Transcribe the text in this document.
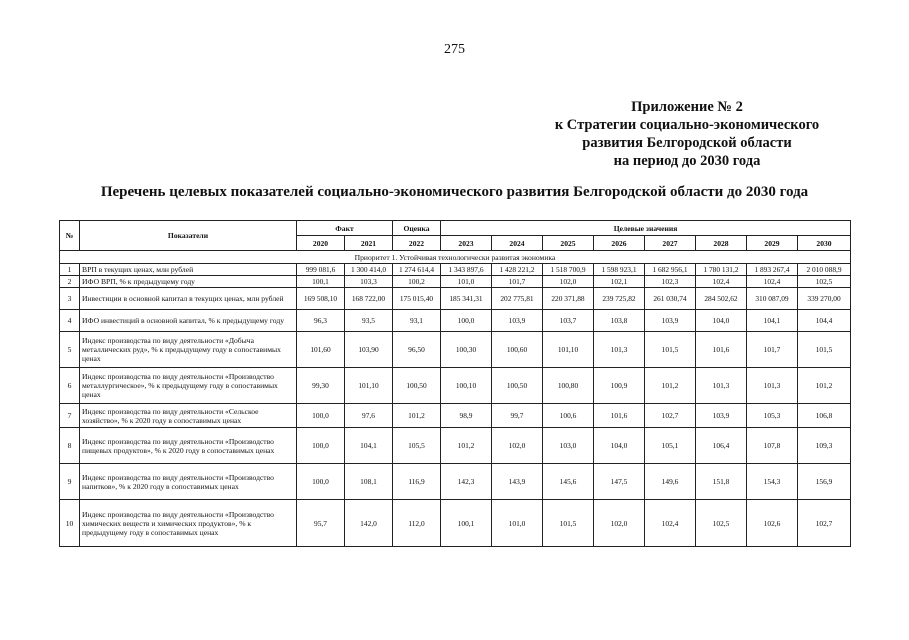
275
Приложение № 2
к Стратегии социально-экономического
развития Белгородской области
на период до 2030 года
Перечень целевых показателей социально-экономического развития Белгородской области до 2030 года
№	Показатели	Факт		Оценка	Целевые значения							
		2020	2021	2022	2023	2024	2025	2026	2027	2028	2029	2030
Приоритет 1. Устойчивая технологически развитая экономика												
1	ВРП в текущих ценах, млн рублей	999 081,6	1 300 414,0	1 274 614,4	1 343 897,6	1 428 221,2	1 518 700,9	1 598 923,1	1 682 956,1	1 780 131,2	1 893 267,4	2 010 088,9
2	ИФО ВРП, % к предыдущему году	100,1	103,3	100,2	101,0	101,7	102,0	102,1	102,3	102,4	102,4	102,5
3	Инвестиции в основной капитал в текущих ценах, млн рублей	169 508,10	168 722,00	175 015,40	185 341,31	202 775,81	220 371,88	239 725,82	261 030,74	284 502,62	310 087,09	339 270,00
4	ИФО инвестиций в основной капитал, % к предыдущему году	96,3	93,5	93,1	100,0	103,9	103,7	103,8	103,9	104,0	104,1	104,4
5	Индекс производства по виду деятельности «Добыча металлических руд», % к предыдущему году в сопоставимых ценах	101,60	103,90	96,50	100,30	100,60	101,10	101,3	101,5	101,6	101,7	101,5
6	Индекс производства по виду деятельности «Производство металлургическое», % к предыдущему году в сопоставимых ценах	99,30	101,10	100,50	100,10	100,50	100,80	100,9	101,2	101,3	101,3	101,2
7	Индекс производства по виду деятельности «Сельское хозяйство», % к 2020 году в сопоставимых ценах	100,0	97,6	101,2	98,9	99,7	100,6	101,6	102,7	103,9	105,3	106,8
8	Индекс производства по виду деятельности «Производство пищевых продуктов», % к 2020 году в сопоставимых ценах	100,0	104,1	105,5	101,2	102,0	103,0	104,0	105,1	106,4	107,8	109,3
9	Индекс производства по виду деятельности «Производство напитков», % к 2020 году в сопоставимых ценах	100,0	108,1	116,9	142,3	143,9	145,6	147,5	149,6	151,8	154,3	156,9
10	Индекс производства по виду деятельности «Производство химических веществ и химических продуктов», % к предыдущему году в сопоставимых ценах	95,7	142,0	112,0	100,1	101,0	101,5	102,0	102,4	102,5	102,6	102,7
